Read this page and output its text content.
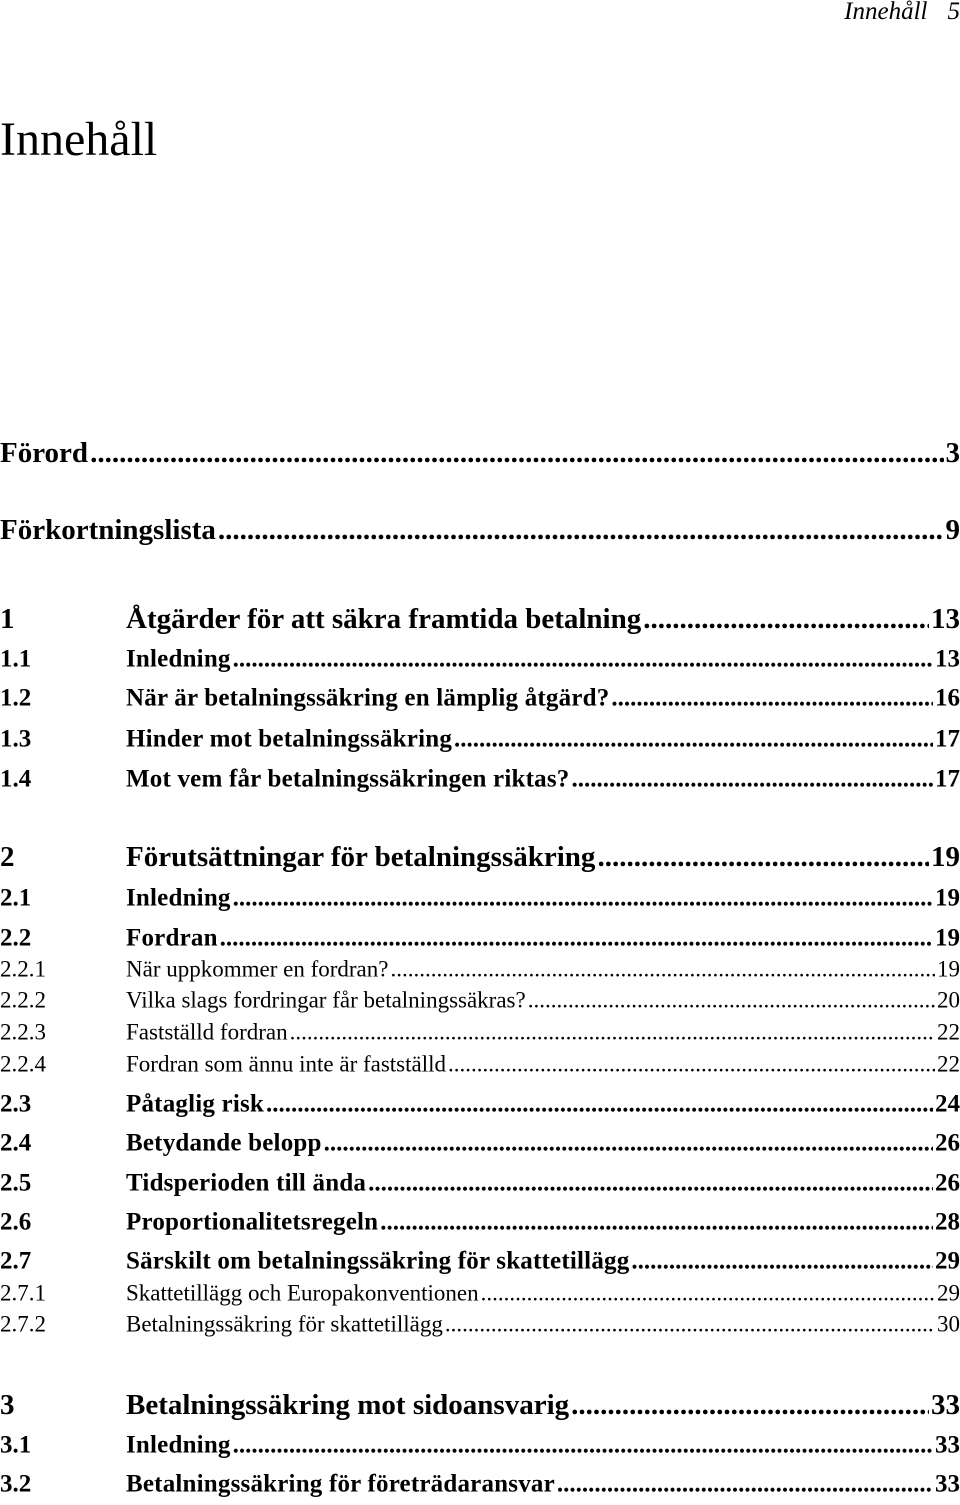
Innehåll 5
Innehåll
Förord .....	3
Förkortningslista .....	9
1	Åtgärder för att säkra framtida betalning .....	13
1.1	Inledning .....	13
1.2	När är betalningssäkring en lämplig åtgärd? .....	16
1.3	Hinder mot betalningssäkring .....	17
1.4	Mot vem får betalningssäkringen riktas? .....	17
2	Förutsättningar för betalningssäkring .....	19
2.1	Inledning .....	19
2.2	Fordran .....	19
2.2.1	När uppkommer en fordran? .....	19
2.2.2	Vilka slags fordringar får betalningssäkras? .....	20
2.2.3	Fastställd fordran .....	22
2.2.4	Fordran som ännu inte är fastställd .....	22
2.3	Påtaglig risk .....	24
2.4	Betydande belopp .....	26
2.5	Tidsperioden till ända .....	26
2.6	Proportionalitetsregeln .....	28
2.7	Särskilt om betalningssäkring för skattetillägg .....	29
2.7.1	Skattetillägg och Europakonventionen .....	29
2.7.2	Betalningssäkring för skattetillägg .....	30
3	Betalningssäkring mot sidoansvarig .....	33
3.1	Inledning .....	33
3.2	Betalningssäkring för företrädaransvar .....	33
